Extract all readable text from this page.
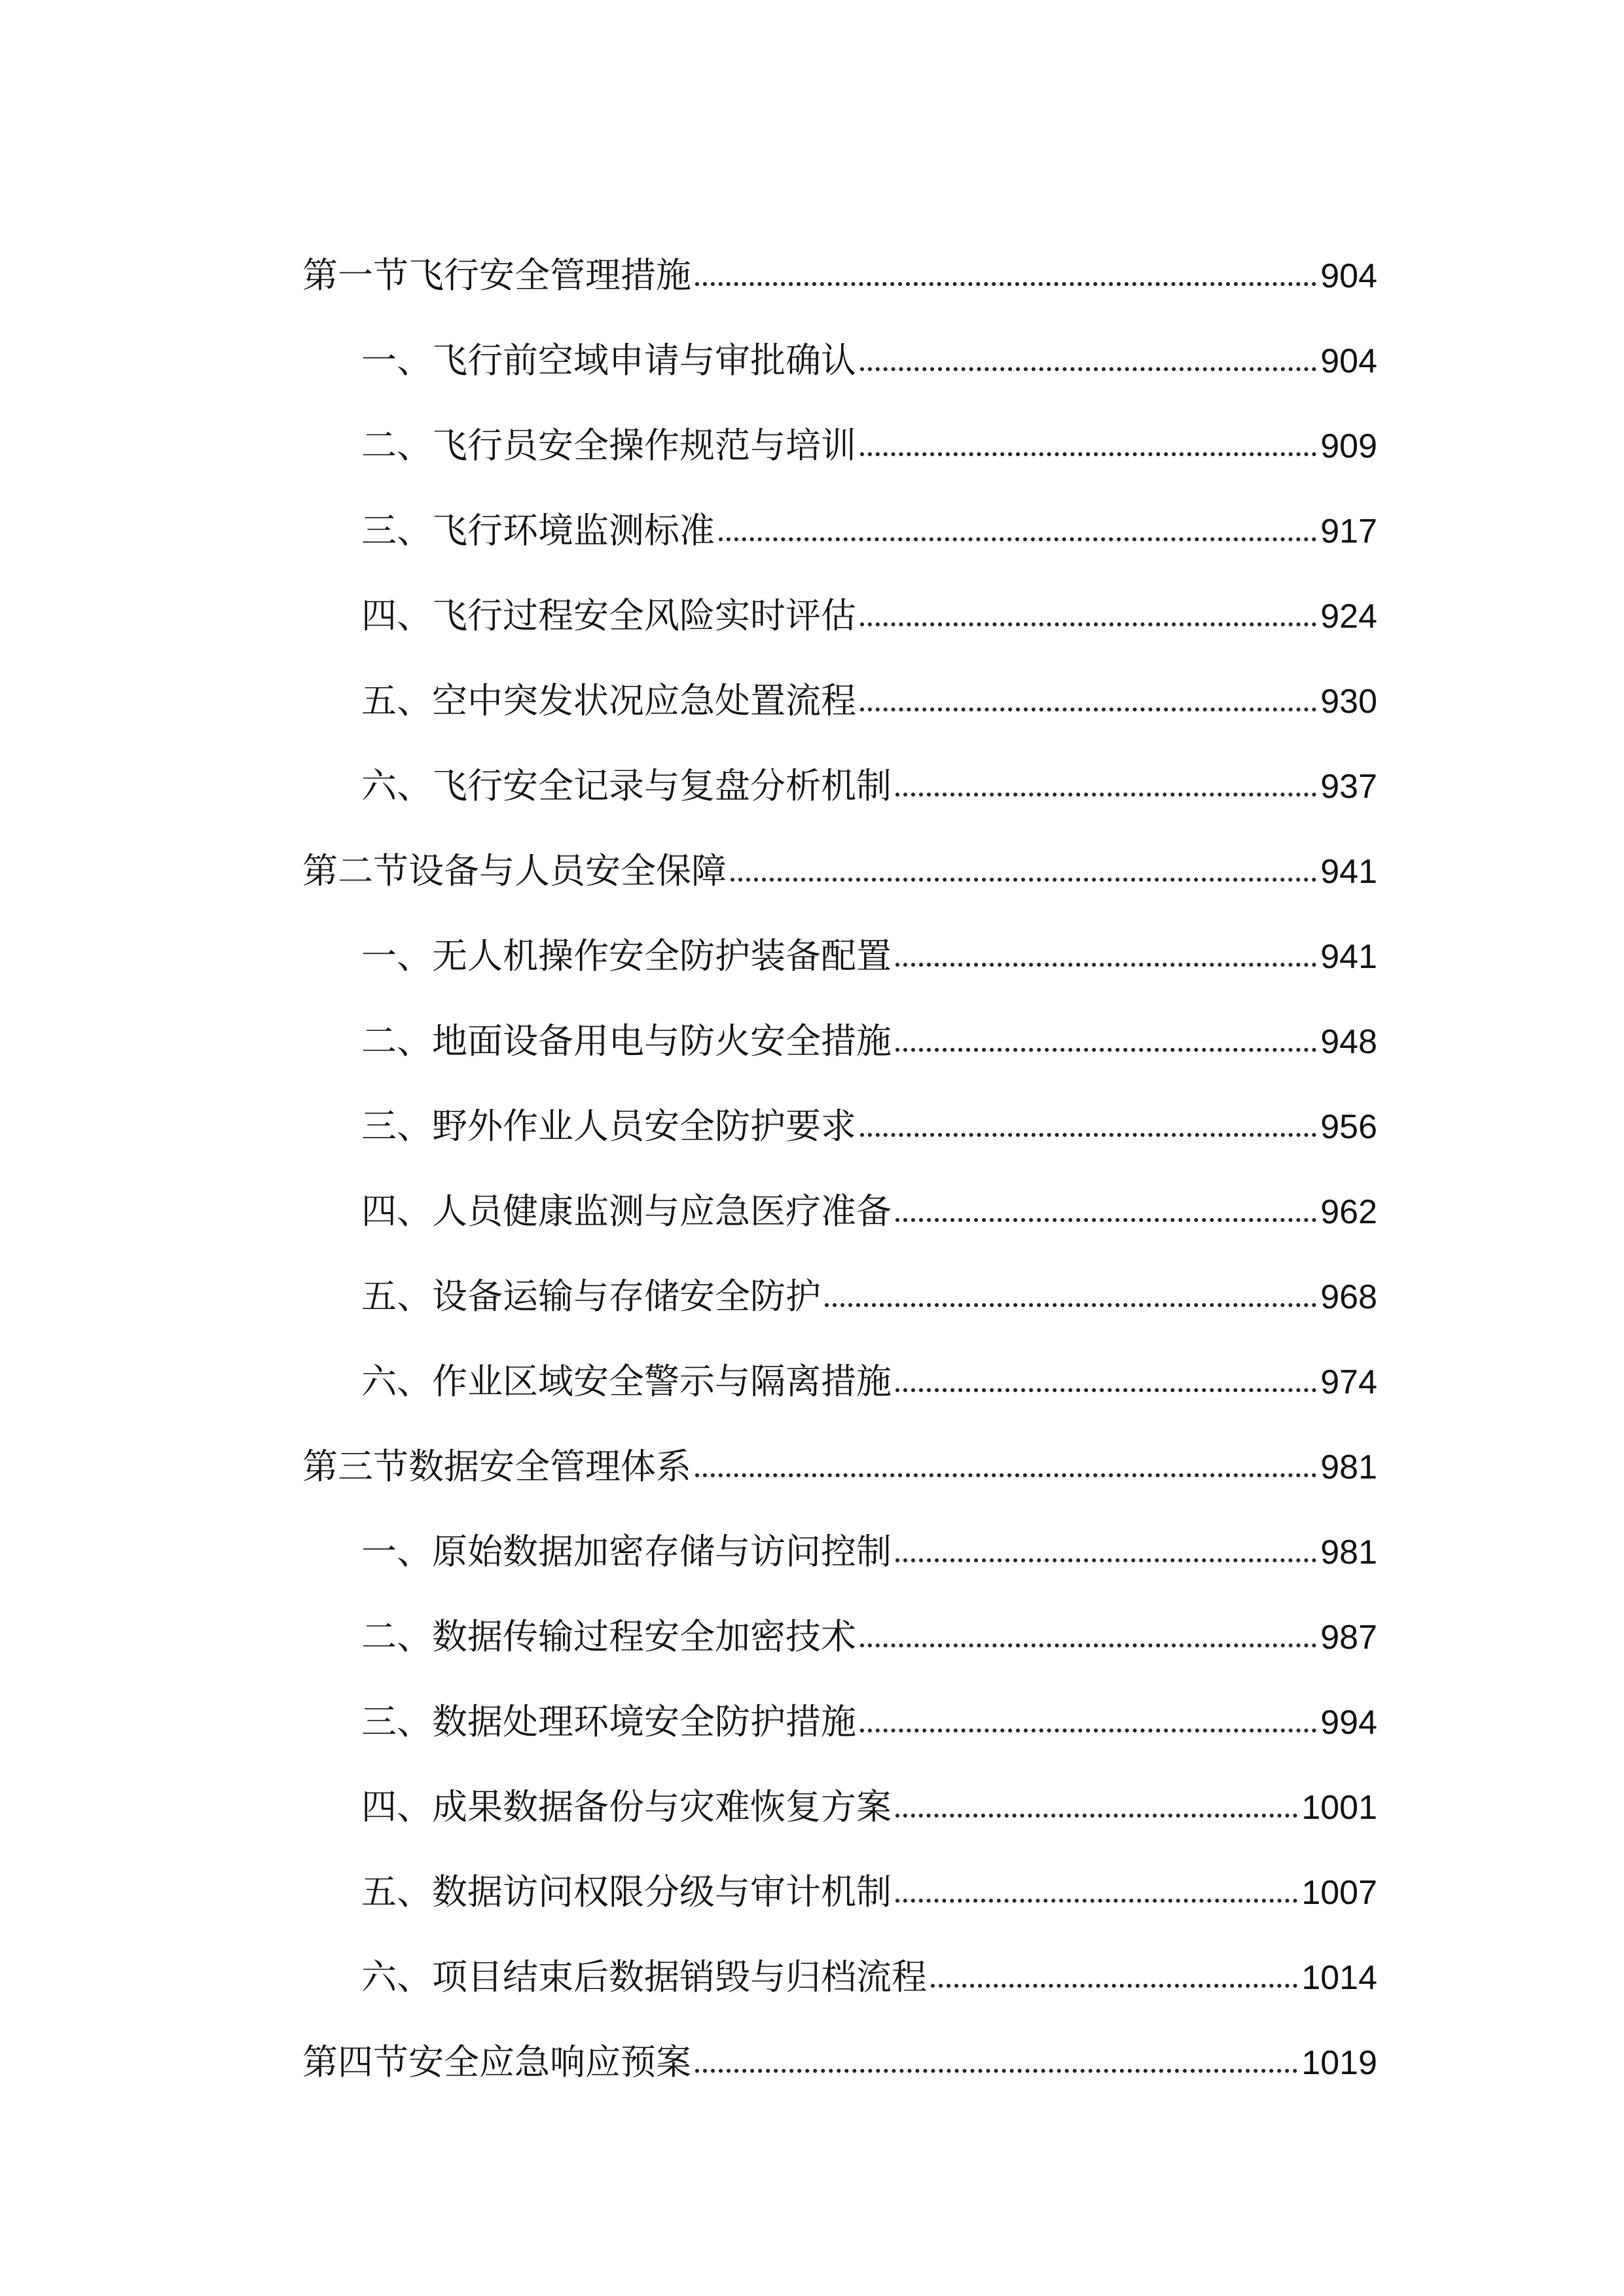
第一节飞行安全管理措施	904
一、飞行前空域申请与审批确认	904
二、飞行员安全操作规范与培训	909
三、飞行环境监测标准	917
四、飞行过程安全风险实时评估	924
五、空中突发状况应急处置流程	930
六、飞行安全记录与复盘分析机制	937
第二节设备与人员安全保障	941
一、无人机操作安全防护装备配置	941
二、地面设备用电与防火安全措施	948
三、野外作业人员安全防护要求	956
四、人员健康监测与应急医疗准备	962
五、设备运输与存储安全防护	968
六、作业区域安全警示与隔离措施	974
第三节数据安全管理体系	981
一、原始数据加密存储与访问控制	981
二、数据传输过程安全加密技术	987
三、数据处理环境安全防护措施	994
四、成果数据备份与灾难恢复方案	1001
五、数据访问权限分级与审计机制	1007
六、项目结束后数据销毁与归档流程	1014
第四节安全应急响应预案	1019
